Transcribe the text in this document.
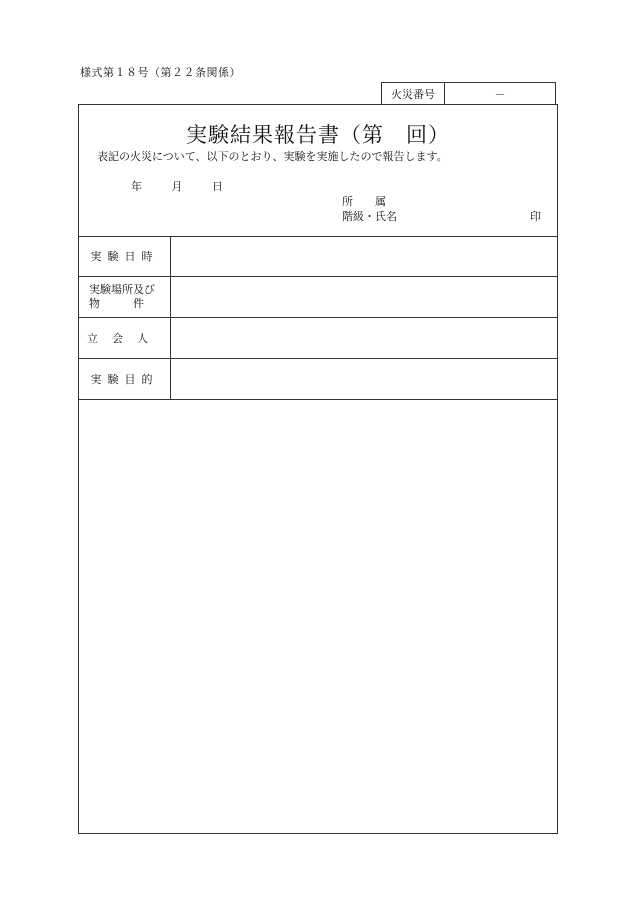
様式第１８号（第２２条関係）
火災番号	－
実験結果報告書（第　回）
表記の火災について、以下のとおり、実験を実施したので報告します。
年	月	日
所　　属
階級・氏名	印
実験日時
実験場所及び
物　　　件
立会人
実験目的
